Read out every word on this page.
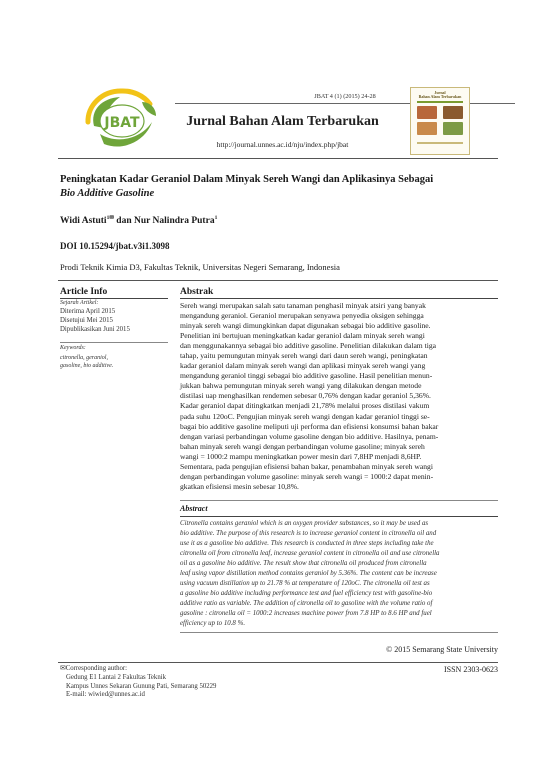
JBAT 4 (1) (2015) 24-28
JBAT	Jurnal Bahan Alam Terbarukan
http://journal.unnes.ac.id/nju/index.php/jbat
Jurnal
Bahan Alam Terbarukan
Peningkatan Kadar Geraniol Dalam Minyak Sereh Wangi dan Aplikasinya Sebagai
Bio Additive Gasoline
Widi Astuti$^{1✉}$ dan Nur Nalindra Putra$^1$
DOI 10.15294/jbat.v3i1.3098
Prodi Teknik Kimia D3, Fakultas Teknik, Universitas Negeri Semarang, Indonesia
Article Info
Sejarah Artikel:
Diterima April 2015
Disetujui Mei 2015
Dipublikasikan Juni 2015
Keywords:
citronella, geraniol,
gasoline, bio additive.
Abstrak
Sereh wangi merupakan salah satu tanaman penghasil minyak atsiri yang banyak
mengandung geraniol. Geraniol merupakan senyawa penyedia oksigen sehingga
minyak sereh wangi dimungkinkan dapat digunakan sebagai bio additive gasoline.
Penelitian ini bertujuan meningkatkan kadar geraniol dalam minyak sereh wangi
dan menggunakannya sebagai bio additive gasoline. Penelitian dilakukan dalam tiga
tahap, yaitu pemungutan minyak sereh wangi dari daun sereh wangi, peningkatan
kadar geraniol dalam minyak sereh wangi dan aplikasi minyak sereh wangi yang
mengandung geraniol tinggi sebagai bio additive gasoline. Hasil penelitian menun-
jukkan bahwa pemungutan minyak sereh wangi yang dilakukan dengan metode
distilasi uap menghasilkan rendemen sebesar 0,76% dengan kadar geraniol 5,36%.
Kadar geraniol dapat ditingkatkan menjadi 21,78% melalui proses distilasi vakum
pada suhu 120oC. Pengujian minyak sereh wangi dengan kadar geraniol tinggi se-
bagai bio additive gasoline meliputi uji performa dan efisiensi konsumsi bahan bakar
dengan variasi perbandingan volume gasoline dengan bio additive. Hasilnya, penam-
bahan minyak sereh wangi dengan perbandingan volume gasoline; minyak sereh
wangi = 1000:2 mampu meningkatkan power mesin dari 7,8HP menjadi 8,6HP.
Sementara, pada pengujian efisiensi bahan bakar, penambahan minyak sereh wangi
dengan perbandingan volume gasoline: minyak sereh wangi = 1000:2 dapat menin-
gkatkan efisiensi mesin sebesar 10,8%.
Abstract
Citronella contains geraniol which is an oxygen provider substances, so it may be used as
bio additive. The purpose of this research is to increase geraniol content in citronella oil and
use it as a gasoline bio additive. This research is conducted in three steps including take the
citronella oil from citronella leaf, increase geraniol content in citronella oil and use citronella
oil as a gasoline bio additive. The result show that citronella oil produced from citronella
leaf using vapor distillation method contains geraniol by 5.36%. The content can be increase
using vacuum distillation up to 21.78 % at temperature of 120oC. The citronella oil test as
a gasoline bio additive including performance test and fuel efficiency test with gasoline-bio
additive ratio as variable. The addition of citronella oil to gasoline with the volume ratio of
gasoline : citronella oil = 1000:2 increases machine power from 7.8 HP to 8.6 HP and fuel
efficiency up to 10.8 %.
© 2015 Semarang State University
✉Corresponding author:
Gedung E1 Lantai 2 Fakultas Teknik
Kampus Unnes Sekaran Gunung Pati, Semarang 50229
E-mail: wiwied@unnes.ac.id
ISSN 2303-0623
